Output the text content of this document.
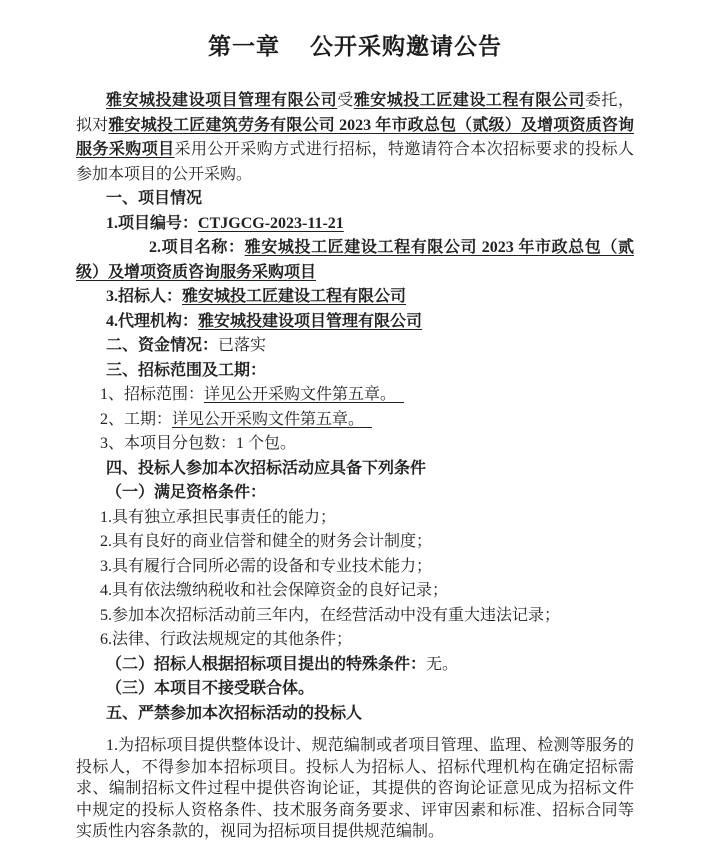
第一章 公开采购邀请公告

雅安城投建设项目管理有限公司受雅安城投工匠建设工程有限公司委托，拟对雅安城投工匠建筑劳务有限公司 2023 年市政总包（贰级）及增项资质咨询服务采购项目采用公开采购方式进行招标，特邀请符合本次招标要求的投标人参加本项目的公开采购。

一、项目情况

1.项目编号：CTJGCG-2023-11-21

2.项目名称：雅安城投工匠建设工程有限公司 2023 年市政总包（贰级）及增项资质咨询服务采购项目

3.招标人：雅安城投工匠建设工程有限公司

4.代理机构：雅安城投建设项目管理有限公司

二、资金情况：已落实

三、招标范围及工期：

1、招标范围：详见公开采购文件第五章。　

2、工期：详见公开采购文件第五章。　

3、本项目分包数：1 个包。

四、投标人参加本次招标活动应具备下列条件

（一）满足资格条件：

1.具有独立承担民事责任的能力；

2.具有良好的商业信誉和健全的财务会计制度；

3.具有履行合同所必需的设备和专业技术能力；

4.具有依法缴纳税收和社会保障资金的良好记录；

5.参加本次招标活动前三年内，在经营活动中没有重大违法记录；

6.法律、行政法规规定的其他条件；

（二）招标人根据招标项目提出的特殊条件：无。

（三）本项目不接受联合体。

五、严禁参加本次招标活动的投标人

1.为招标项目提供整体设计、规范编制或者项目管理、监理、检测等服务的投标人，不得参加本招标项目。投标人为招标人、招标代理机构在确定招标需求、编制招标文件过程中提供咨询论证，其提供的咨询论证意见成为招标文件中规定的投标人资格条件、技术服务商务要求、评审因素和标准、招标合同等实质性内容条款的，视同为招标项目提供规范编制。
